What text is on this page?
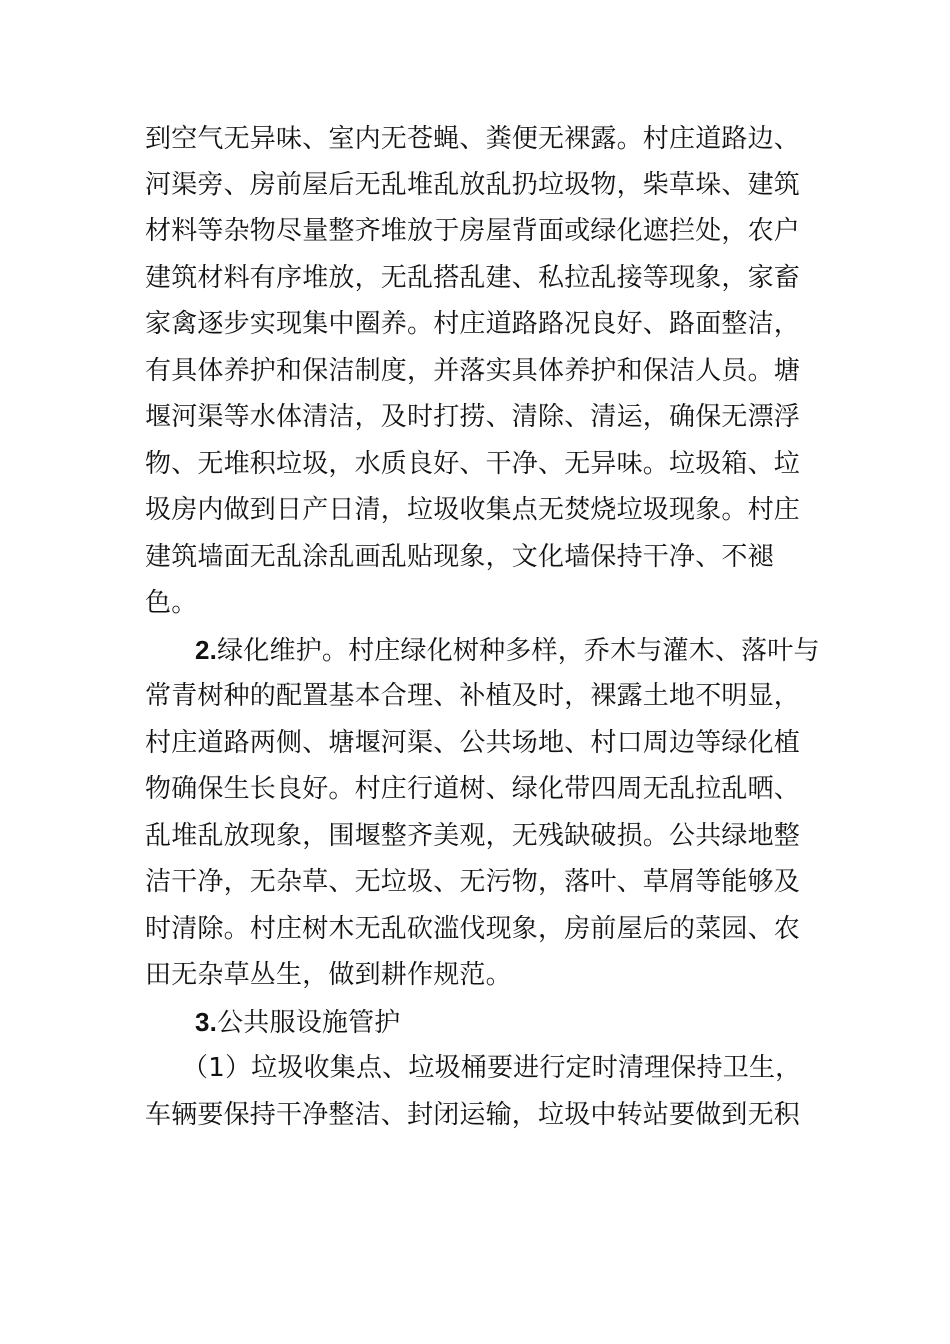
到空气无异味、室内无苍蝇、粪便无裸露。村庄道路边、
河渠旁、房前屋后无乱堆乱放乱扔垃圾物，柴草垛、建筑
材料等杂物尽量整齐堆放于房屋背面或绿化遮拦处，农户
建筑材料有序堆放，无乱搭乱建、私拉乱接等现象，家畜
家禽逐步实现集中圈养。村庄道路路况良好、路面整洁，
有具体养护和保洁制度，并落实具体养护和保洁人员。塘
堰河渠等水体清洁，及时打捞、清除、清运，确保无漂浮
物、无堆积垃圾，水质良好、干净、无异味。垃圾箱、垃
圾房内做到日产日清，垃圾收集点无焚烧垃圾现象。村庄
建筑墙面无乱涂乱画乱贴现象，文化墙保持干净、不褪
色。
2.绿化维护。村庄绿化树种多样，乔木与灌木、落叶与
常青树种的配置基本合理、补植及时，裸露土地不明显，
村庄道路两侧、塘堰河渠、公共场地、村口周边等绿化植
物确保生长良好。村庄行道树、绿化带四周无乱拉乱晒、
乱堆乱放现象，围堰整齐美观，无残缺破损。公共绿地整
洁干净，无杂草、无垃圾、无污物，落叶、草屑等能够及
时清除。村庄树木无乱砍滥伐现象，房前屋后的菜园、农
田无杂草丛生，做到耕作规范。
3.公共服设施管护
（1）垃圾收集点、垃圾桶要进行定时清理保持卫生，
车辆要保持干净整洁、封闭运输，垃圾中转站要做到无积
